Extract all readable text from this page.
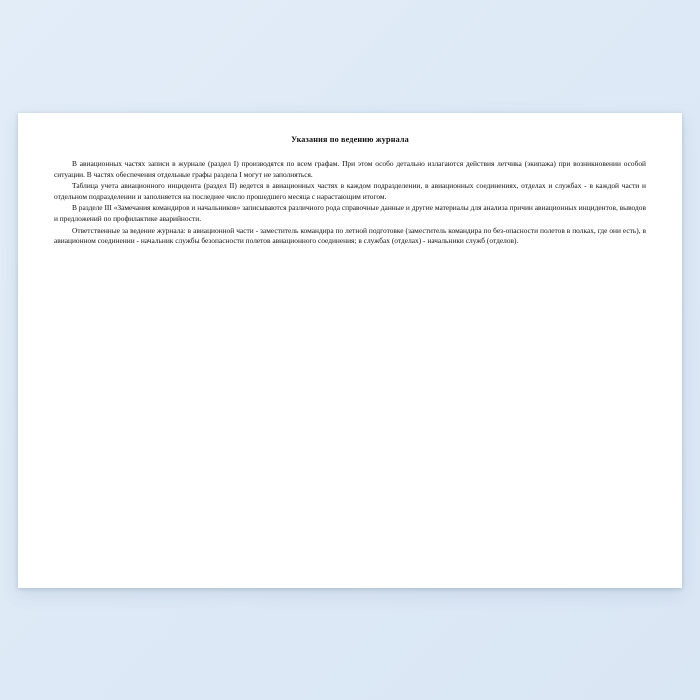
Указания по ведению журнала

В авиационных частях записи в журнале (раздел I) производятся по всем графам. При этом особо детально излагаются действия летчика (экипажа) при возникновении особой ситуации. В частях обеспечения отдельные графы раздела I могут не заполняться.

Таблица учета авиационного инцидента (раздел II) ведется в авиационных частях в каждом подразделении, в авиационных соединениях, отделах и службах - в каждой части и отдельном подразделении и заполняется на последнее число прошедшего месяца с нарастающим итогом.

В разделе III «Замечания командиров и начальников» записываются различного рода справочные данные и другие материалы для анализа причин авиационных инцидентов, выводов и предложений по профилактике аварийности.

Ответственные за ведение журнала: в авиационной части - заместитель командира по летной подготовке (заместитель командира по без-опасности полетов в полках, где они есть), в авиационном соединении - начальник службы безопасности полетов авиационного соединения; в службах (отделах) - начальники служб (отделов).
